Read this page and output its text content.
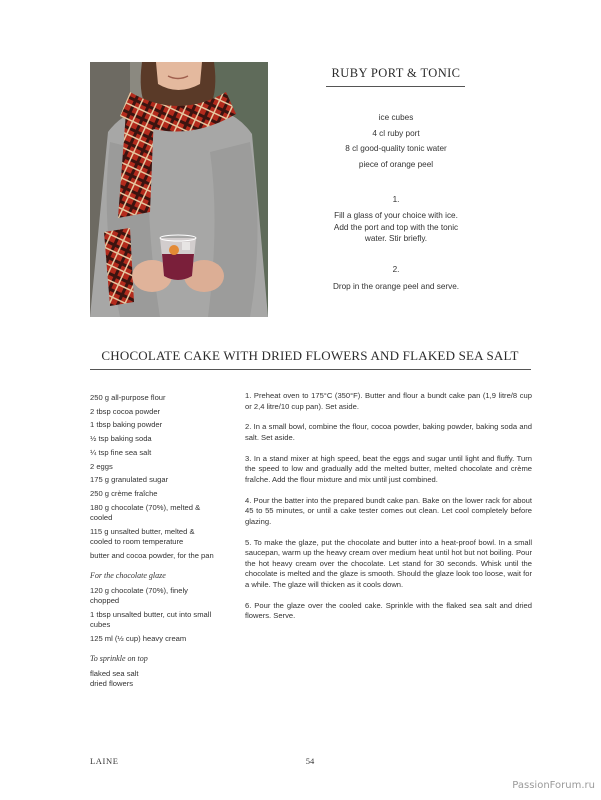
RUBY PORT & TONIC
ice cubes
4 cl ruby port
8 cl good-quality tonic water
piece of orange peel
1.
Fill a glass of your choice with ice. Add the port and top with the tonic water. Stir briefly.
2.
Drop in the orange peel and serve.
CHOCOLATE CAKE WITH DRIED FLOWERS AND FLAKED SEA SALT
250 g all-purpose flour
2 tbsp cocoa powder
1 tbsp baking powder
½ tsp baking soda
¼ tsp fine sea salt
2 eggs
175 g granulated sugar
250 g crème fraîche
180 g chocolate (70%), melted & cooled
115 g unsalted butter, melted & cooled to room temperature
butter and cocoa powder, for the pan
For the chocolate glaze
120 g chocolate (70%), finely chopped
1 tbsp unsalted butter, cut into small cubes
125 ml (½ cup) heavy cream
To sprinkle on top
flaked sea salt
dried flowers

1. Preheat oven to 175°C (350°F). Butter and flour a bundt cake pan (1,9 litre/8 cup or 2,4 litre/10 cup pan). Set aside.

2. In a small bowl, combine the flour, cocoa powder, baking powder, baking soda and salt. Set aside.

3. In a stand mixer at high speed, beat the eggs and sugar until light and fluffy. Turn the speed to low and gradually add the melted butter, melted chocolate and crème fraîche. Add the flour mixture and mix until just combined.

4. Pour the batter into the prepared bundt cake pan. Bake on the lower rack for about 45 to 55 minutes, or until a cake tester comes out clean. Let cool completely before glazing.

5. To make the glaze, put the chocolate and butter into a heat-proof bowl. In a small saucepan, warm up the heavy cream over medium heat until hot but not boiling. Pour the hot heavy cream over the chocolate. Let stand for 30 seconds. Whisk until the chocolate is melted and the glaze is smooth. Should the glaze look too loose, wait for a while. The glaze will thicken as it cools down.

6. Pour the glaze over the cooled cake. Sprinkle with the flaked sea salt and dried flowers. Serve.

LAINE	54
PassionForum.ru
